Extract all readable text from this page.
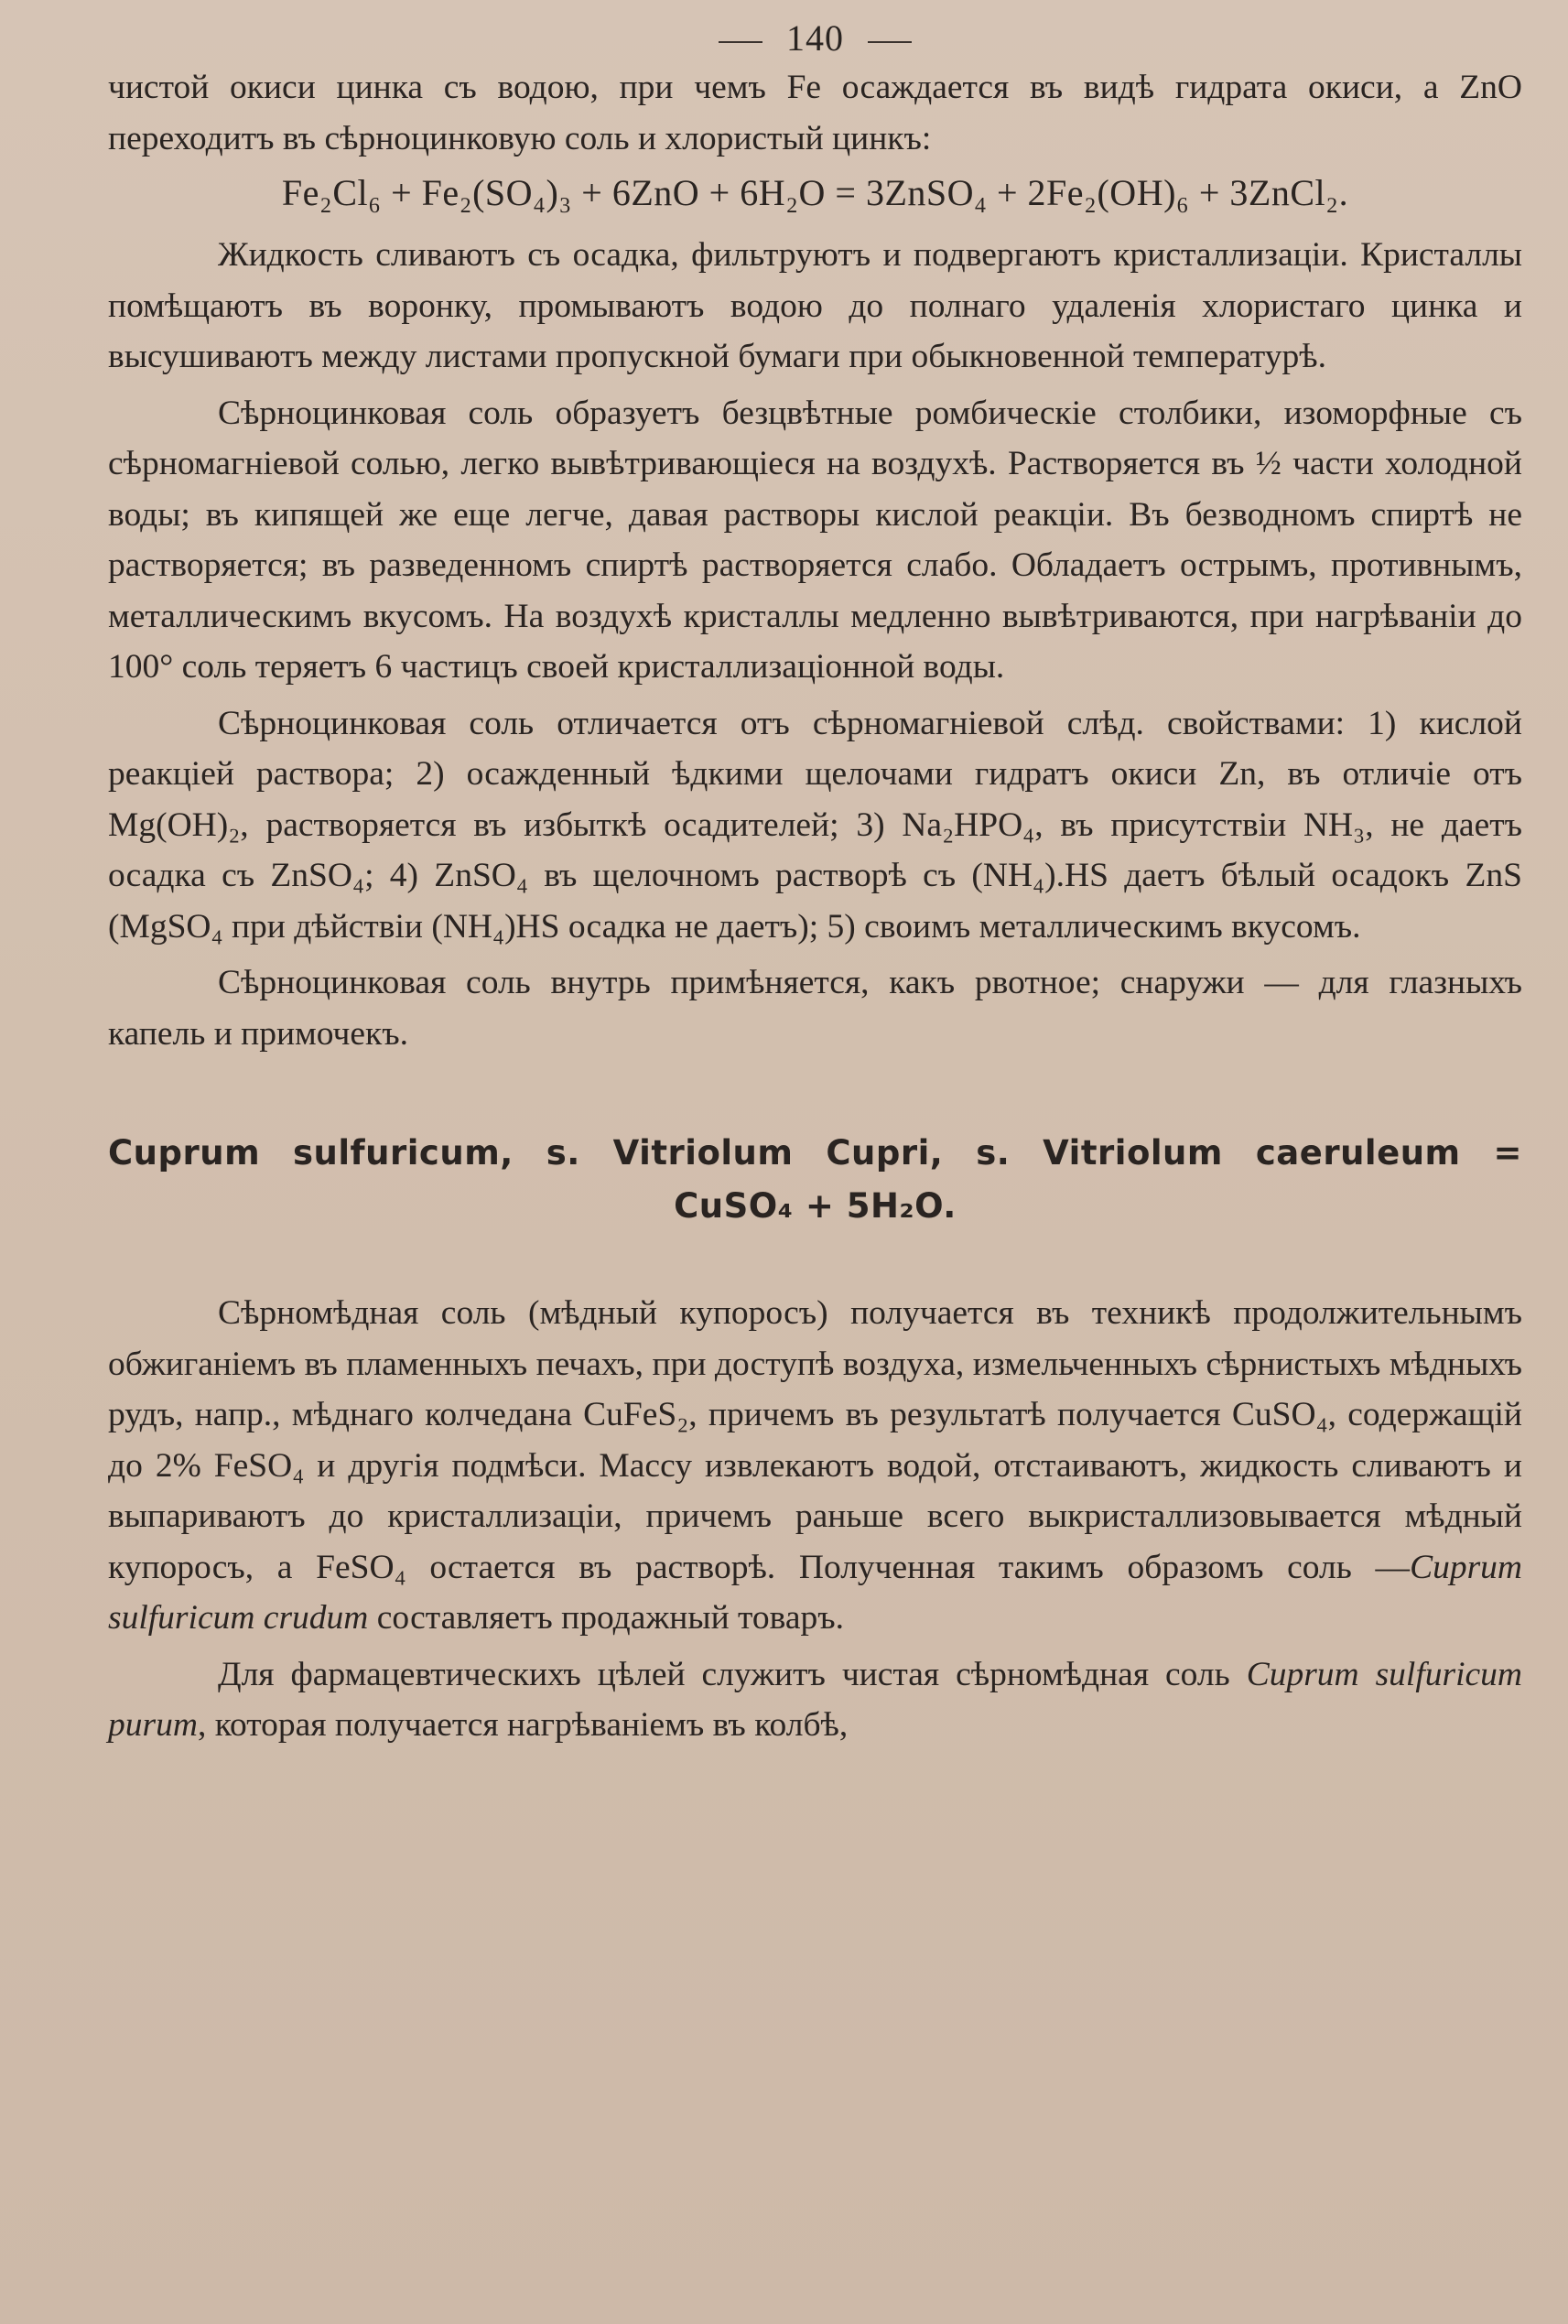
140

чистой окиси цинка съ водою, при чемъ Fe осаждается въ видѣ гидрата окиси, а ZnO переходитъ въ сѣрноцинковую соль и хлористый цинкъ:

Fe₂Cl₆ + Fe₂(SO₄)₃ + 6ZnO + 6H₂O = 3ZnSO₄ + 2Fe₂(OH)₆ + 3ZnCl₂.

Жидкость сливаютъ съ осадка, фильтруютъ и подвергаютъ кристаллизаціи. Кристаллы помѣщаютъ въ воронку, промываютъ водою до полнаго удаленія хлористаго цинка и высушиваютъ между листами пропускной бумаги при обыкновенной температурѣ.

Сѣрноцинковая соль образуетъ безцвѣтные ромбическіе столбики, изоморфные съ сѣрномагніевой солью, легко вывѣтривающіеся на воздухѣ. Растворяется въ ½ части холодной воды; въ кипящей же еще легче, давая растворы кислой реакціи. Въ безводномъ спиртѣ не растворяется; въ разведенномъ спиртѣ растворяется слабо. Обладаетъ острымъ, противнымъ, металлическимъ вкусомъ. На воздухѣ кристаллы медленно вывѣтриваются, при нагрѣваніи до 100° соль теряетъ 6 частицъ своей кристаллизаціонной воды.

Сѣрноцинковая соль отличается отъ сѣрномагніевой слѣд. свойствами: 1) кислой реакціей раствора; 2) осажденный ѣдкими щелочами гидратъ окиси Zn, въ отличіе отъ Mg(OH)₂, растворяется въ избыткѣ осадителей; 3) Na₂HPO₄, въ присутствіи NH₃, не даетъ осадка съ ZnSO₄; 4) ZnSO₄ въ щелочномъ растворѣ съ (NH₄).HS даетъ бѣлый осадокъ ZnS (MgSO₄ при дѣйствіи (NH₄)HS осадка не даетъ); 5) своимъ металлическимъ вкусомъ.

Сѣрноцинковая соль внутрь примѣняется, какъ рвотное; снаружи — для глазныхъ капель и примочекъ.

Cuprum sulfuricum, s. Vitriolum Cupri, s. Vitriolum caeruleum =
CuSO₄ + 5H₂O.

Сѣрномѣдная соль (мѣдный купоросъ) получается въ техникѣ продолжительнымъ обжиганіемъ въ пламенныхъ печахъ, при доступѣ воздуха, измельченныхъ сѣрнистыхъ мѣдныхъ рудъ, напр., мѣднаго колчедана CuFeS₂, причемъ въ результатѣ получается CuSO₄, содержащій до 2% FeSO₄ и другія подмѣси. Массу извлекаютъ водой, отстаиваютъ, жидкость сливаютъ и выпариваютъ до кристаллизаціи, причемъ раньше всего выкристаллизовывается мѣдный купоросъ, а FeSO₄ остается въ растворѣ. Полученная такимъ образомъ соль —Cuprum sulfuricum crudum составляетъ продажный товаръ.

Для фармацевтическихъ цѣлей служитъ чистая сѣрномѣдная соль Cuprum sulfuricum purum, которая получается нагрѣваніемъ въ колбѣ,
